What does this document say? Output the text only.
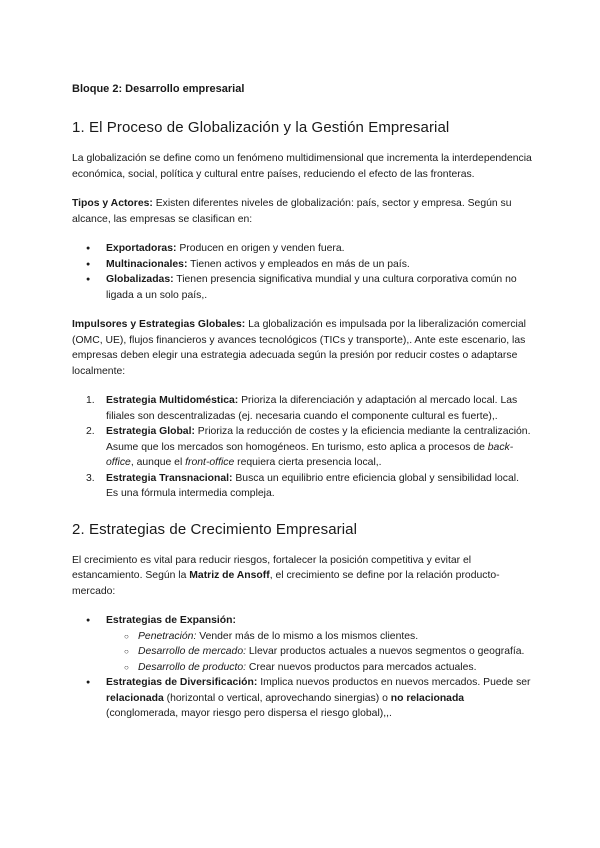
Bloque 2: Desarrollo empresarial
1. El Proceso de Globalización y la Gestión Empresarial

La globalización se define como un fenómeno multidimensional que incrementa la interdependencia económica, social, política y cultural entre países, reduciendo el efecto de las fronteras.

Tipos y Actores: Existen diferentes niveles de globalización: país, sector y empresa. Según su alcance, las empresas se clasifican en:

● Exportadoras: Producen en origen y venden fuera.
● Multinacionales: Tienen activos y empleados en más de un país.
● Globalizadas: Tienen presencia significativa mundial y una cultura corporativa común no ligada a un solo país,.

Impulsores y Estrategias Globales: La globalización es impulsada por la liberalización comercial (OMC, UE), flujos financieros y avances tecnológicos (TICs y transporte),. Ante este escenario, las empresas deben elegir una estrategia adecuada según la presión por reducir costes o adaptarse localmente:

1. Estrategia Multidoméstica: Prioriza la diferenciación y adaptación al mercado local. Las filiales son descentralizadas (ej. necesaria cuando el componente cultural es fuerte),.
2. Estrategia Global: Prioriza la reducción de costes y la eficiencia mediante la centralización. Asume que los mercados son homogéneos. En turismo, esto aplica a procesos de back-office, aunque el front-office requiera cierta presencia local,.
3. Estrategia Transnacional: Busca un equilibrio entre eficiencia global y sensibilidad local. Es una fórmula intermedia compleja.
2. Estrategias de Crecimiento Empresarial

El crecimiento es vital para reducir riesgos, fortalecer la posición competitiva y evitar el estancamiento. Según la Matriz de Ansoff, el crecimiento se define por la relación producto-mercado:

● Estrategias de Expansión:
○ Penetración: Vender más de lo mismo a los mismos clientes.
○ Desarrollo de mercado: Llevar productos actuales a nuevos segmentos o geografía.
○ Desarrollo de producto: Crear nuevos productos para mercados actuales.
● Estrategias de Diversificación: Implica nuevos productos en nuevos mercados. Puede ser relacionada (horizontal o vertical, aprovechando sinergias) o no relacionada (conglomerada, mayor riesgo pero dispersa el riesgo global),,.
